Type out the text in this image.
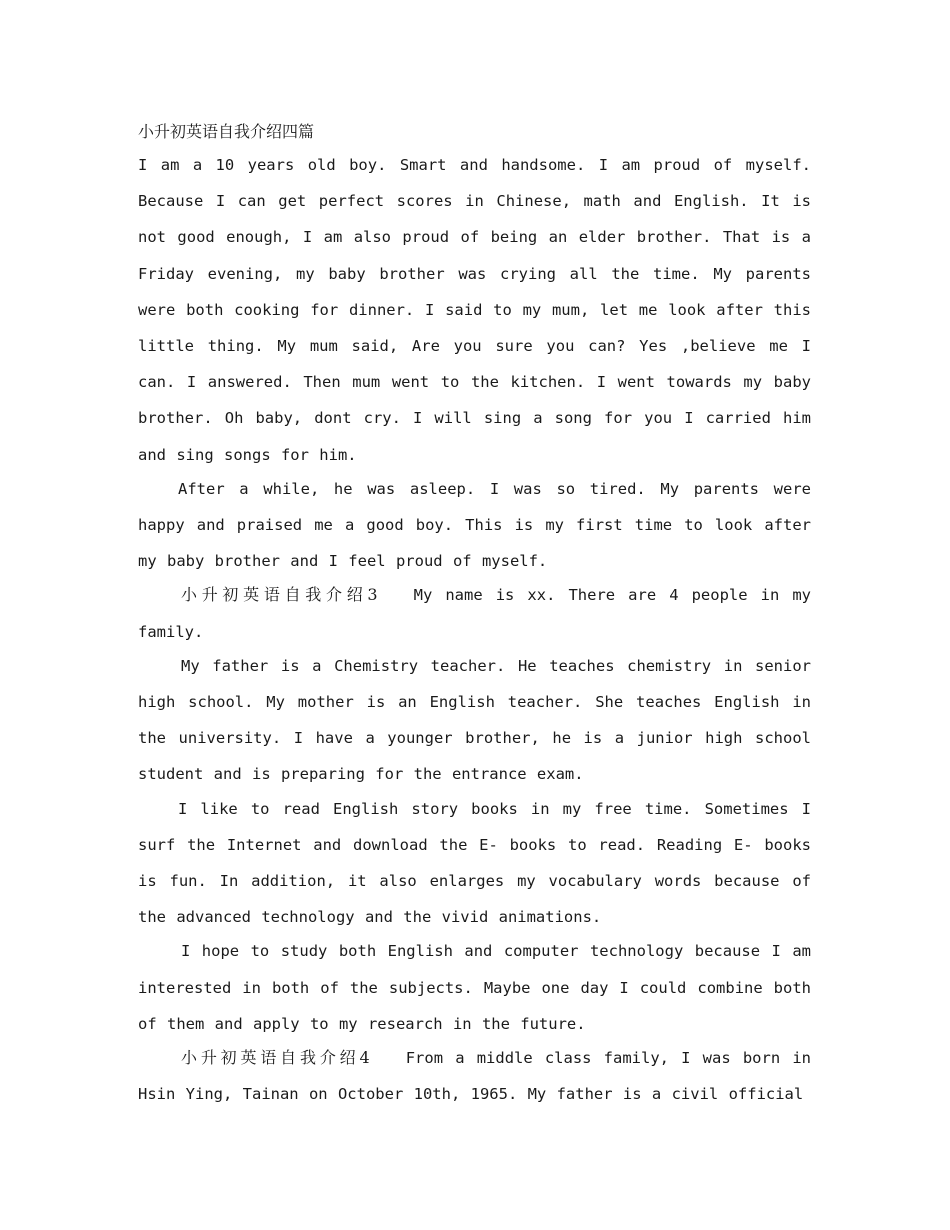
小升初英语自我介绍四篇

I am a 10 years old boy. Smart and handsome. I am proud of myself. Because I can get perfect scores in Chinese, math and English. It is not good enough, I am also proud of being an elder brother. That is a Friday evening, my baby brother was crying all the time. My parents were both cooking for dinner. I said to my mum, let me look after this little thing. My mum said, Are you sure you can? Yes ,believe me I can. I answered. Then mum went to the kitchen. I went towards my baby brother. Oh baby, dont cry. I will sing a song for you I carried him and sing songs for him.

After a while, he was asleep. I was so tired. My parents were happy and praised me a good boy. This is my first time to look after my baby brother and I feel proud of myself.

小升初英语自我介绍3 My name is xx. There are 4 people in my family.

My father is a Chemistry teacher. He teaches chemistry in senior high school. My mother is an English teacher. She teaches English in the university. I have a younger brother, he is a junior high school student and is preparing for the entrance exam.

I like to read English story books in my free time. Sometimes I surf the Internet and download the E- books to read. Reading E- books is fun. In addition, it also enlarges my vocabulary words because of the advanced technology and the vivid animations.

I hope to study both English and computer technology because I am interested in both of the subjects. Maybe one day I could combine both of them and apply to my research in the future.

小升初英语自我介绍4 From a middle class family, I was born in Hsin Ying, Tainan on October 10th, 1965. My father is a civil official
